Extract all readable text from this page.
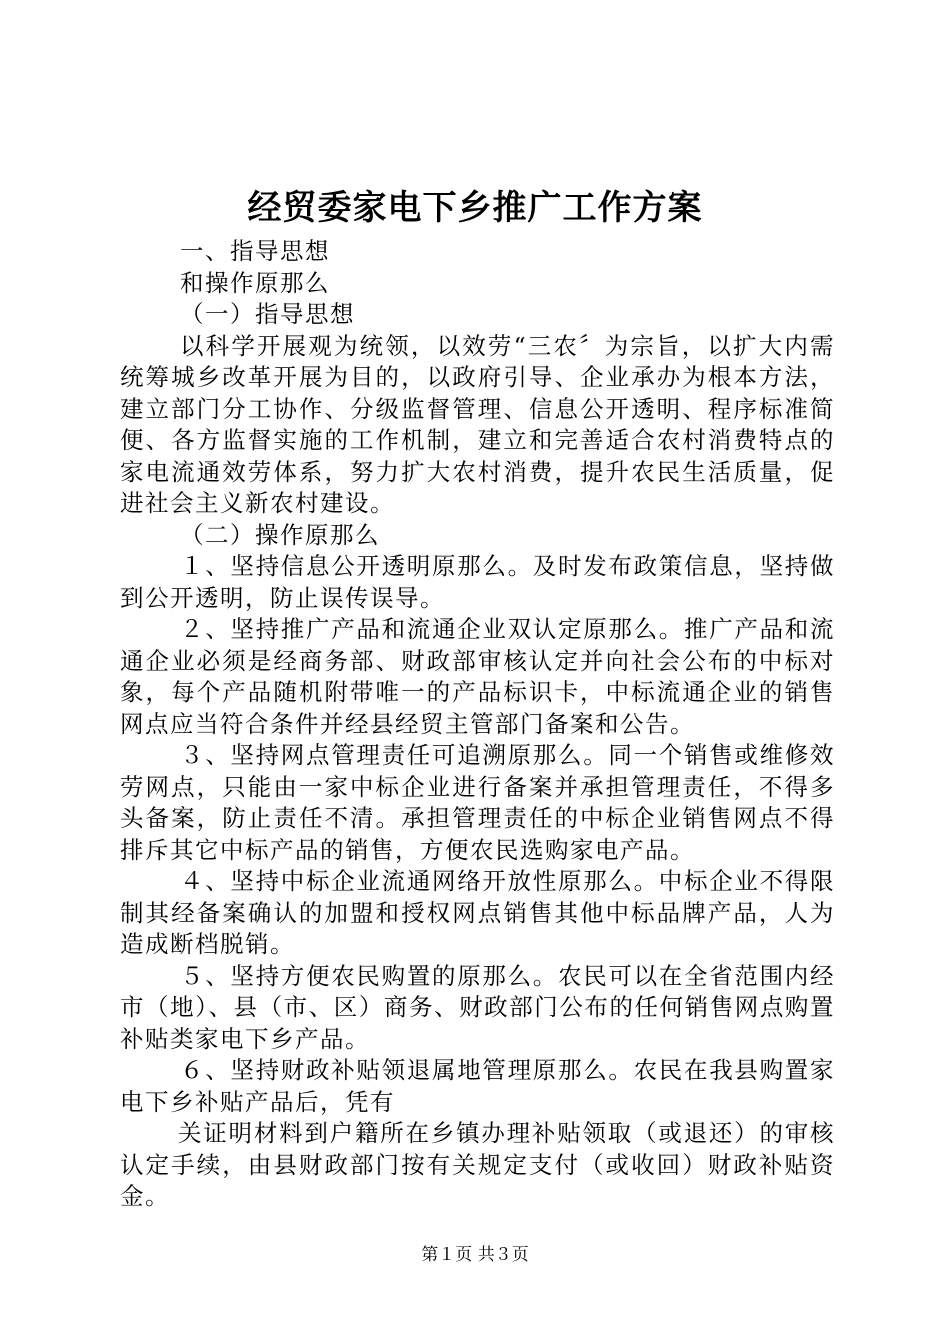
经贸委家电下乡推广工作方案

一、指导思想

和操作原那么

（一）指导思想

以科学开展观为统领，以效劳“三农〞为宗旨，以扩大内需统筹城乡改革开展为目的，以政府引导、企业承办为根本方法，建立部门分工协作、分级监督管理、信息公开透明、程序标准简便、各方监督实施的工作机制，建立和完善适合农村消费特点的家电流通效劳体系，努力扩大农村消费，提升农民生活质量，促进社会主义新农村建设。

（二）操作原那么

１、坚持信息公开透明原那么。及时发布政策信息，坚持做到公开透明，防止误传误导。

２、坚持推广产品和流通企业双认定原那么。推广产品和流通企业必须是经商务部、财政部审核认定并向社会公布的中标对象，每个产品随机附带唯一的产品标识卡，中标流通企业的销售网点应当符合条件并经县经贸主管部门备案和公告。

３、坚持网点管理责任可追溯原那么。同一个销售或维修效劳网点，只能由一家中标企业进行备案并承担管理责任，不得多头备案，防止责任不清。承担管理责任的中标企业销售网点不得排斥其它中标产品的销售，方便农民选购家电产品。

４、坚持中标企业流通网络开放性原那么。中标企业不得限制其经备案确认的加盟和授权网点销售其他中标品牌产品，人为造成断档脱销。

５、坚持方便农民购置的原那么。农民可以在全省范围内经市（地）、县（市、区）商务、财政部门公布的任何销售网点购置补贴类家电下乡产品。

６、坚持财政补贴领退属地管理原那么。农民在我县购置家电下乡补贴产品后，凭有

关证明材料到户籍所在乡镇办理补贴领取（或退还）的审核认定手续，由县财政部门按有关规定支付（或收回）财政补贴资金。

第１页 共３页
